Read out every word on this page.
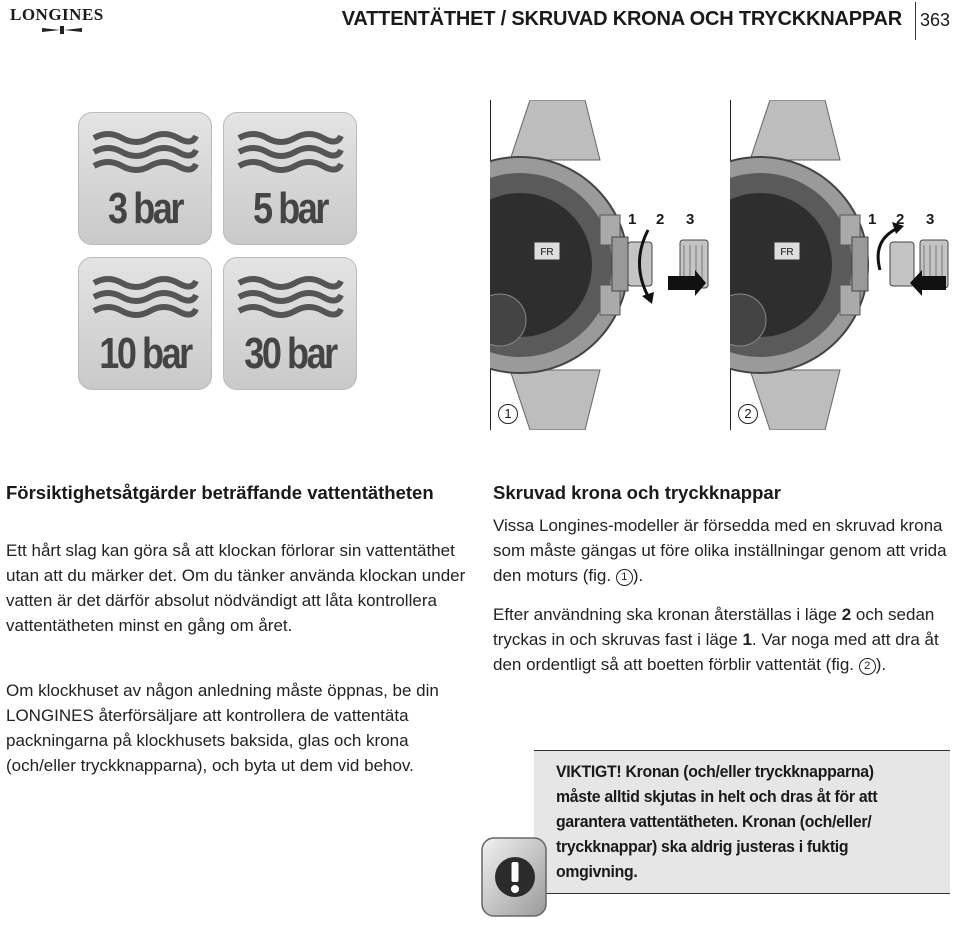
LONGINES	VATTENTÄTHET / SKRUVAD KRONA OCH TRYCKKNAPPAR 363
3 bar	5 bar
10 bar 30 bar
FR
1
1 2 3
FR
2
1 2 3
Försiktighetsåtgärder beträffande vattentätheten
Ett hårt slag kan göra så att klockan förlorar sin vattentäthet utan att du märker det. Om du tänker använda klockan under vatten är det därför absolut nödvändigt att låta kontrollera vattentätheten minst en gång om året.
Om klockhuset av någon anledning måste öppnas, be din LONGINES återförsäljare att kontrollera de vattentäta packningarna på klockhusets baksida, glas och krona (och/eller tryckknapparna), och byta ut dem vid behov.
Skruvad krona och tryckknappar
Vissa Longines-modeller är försedda med en skruvad krona som måste gängas ut före olika inställningar genom att vrida den moturs (fig. 1 ).
Efter användning ska kronan återställas i läge 2 och sedan tryckas in och skruvas fast i läge 1. Var noga med att dra åt den ordentligt så att boetten förblir vattentät (fig. 2 ).
VIKTIGT! Kronan (och/eller tryckknapparna) måste alltid skjutas in helt och dras åt för att garantera vattentätheten. Kronan (och/eller/ tryckknappar) ska aldrig justeras i fuktig omgivning.
